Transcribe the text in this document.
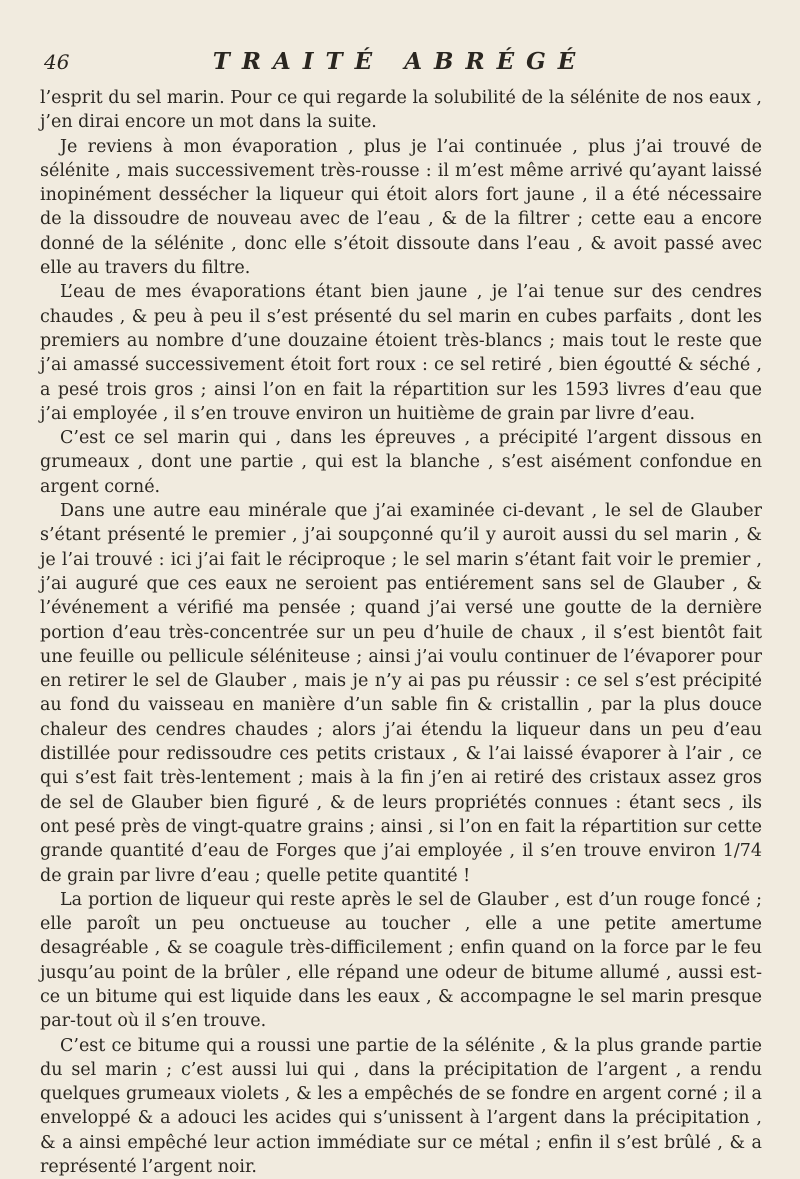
46	TRAITÉ ABRÉGÉ

l’esprit du sel marin. Pour ce qui regarde la solubilité de la sélénite de nos eaux , j’en dirai encore un mot dans la suite.

Je reviens à mon évaporation , plus je l’ai continuée , plus j’ai trouvé de sélénite , mais successivement très-rousse : il m’est même arrivé qu’ayant laissé inopinément dessécher la liqueur qui étoit alors fort jaune , il a été nécessaire de la dissoudre de nouveau avec de l’eau , & de la filtrer ; cette eau a encore donné de la sélénite , donc elle s’étoit dissoute dans l’eau , & avoit passé avec elle au travers du filtre.

L’eau de mes évaporations étant bien jaune , je l’ai tenue sur des cendres chaudes , & peu à peu il s’est présenté du sel marin en cubes parfaits , dont les premiers au nombre d’une douzaine étoient très-blancs ; mais tout le reste que j’ai amassé successivement étoit fort roux : ce sel retiré , bien égoutté & séché , a pesé trois gros ; ainsi l’on en fait la répartition sur les 1593 livres d’eau que j’ai employée , il s’en trouve environ un huitième de grain par livre d’eau.

C’est ce sel marin qui , dans les épreuves , a précipité l’argent dissous en grumeaux , dont une partie , qui est la blanche , s’est aisément confondue en argent corné.

Dans une autre eau minérale que j’ai examinée ci-devant , le sel de Glauber s’étant présenté le premier , j’ai soupçonné qu’il y auroit aussi du sel marin , & je l’ai trouvé : ici j’ai fait le réciproque ; le sel marin s’étant fait voir le premier , j’ai auguré que ces eaux ne seroient pas entiérement sans sel de Glauber , & l’événement a vérifié ma pensée ; quand j’ai versé une goutte de la dernière portion d’eau très-concentrée sur un peu d’huile de chaux , il s’est bientôt fait une feuille ou pellicule séléniteuse ; ainsi j’ai voulu continuer de l’évaporer pour en retirer le sel de Glauber , mais je n’y ai pas pu réussir : ce sel s’est précipité au fond du vaisseau en manière d’un sable fin & cristallin , par la plus douce chaleur des cendres chaudes ; alors j’ai étendu la liqueur dans un peu d’eau distillée pour redissoudre ces petits cristaux , & l’ai laissé évaporer à l’air , ce qui s’est fait très-lentement ; mais à la fin j’en ai retiré des cristaux assez gros de sel de Glauber bien figuré , & de leurs propriétés connues : étant secs , ils ont pesé près de vingt-quatre grains ; ainsi , si l’on en fait la répartition sur cette grande quantité d’eau de Forges que j’ai employée , il s’en trouve environ 1/74 de grain par livre d’eau ; quelle petite quantité !

La portion de liqueur qui reste après le sel de Glauber , est d’un rouge foncé ; elle paroît un peu onctueuse au toucher , elle a une petite amertume desagréable , & se coagule très-difficilement ; enfin quand on la force par le feu jusqu’au point de la brûler , elle répand une odeur de bitume allumé , aussi est-ce un bitume qui est liquide dans les eaux , & accompagne le sel marin presque par-tout où il s’en trouve.

C’est ce bitume qui a roussi une partie de la sélénite , & la plus grande partie du sel marin ; c’est aussi lui qui , dans la précipitation de l’argent , a rendu quelques grumeaux violets , & les a empêchés de se fondre en argent corné ; il a enveloppé & a adouci les acides qui s’unissent à l’argent dans la précipitation , & a ainsi empêché leur action immédiate sur ce métal ; enfin il s’est brûlé , & a représenté l’argent noir.
